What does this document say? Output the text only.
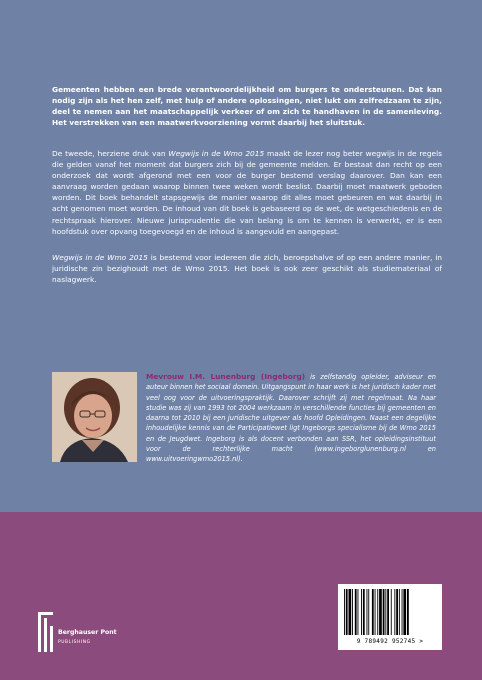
Gemeenten hebben een brede verantwoordelijkheid om burgers te ondersteunen. Dat kan nodig zijn als het hen zelf, met hulp of andere oplossingen, niet lukt om zelfredzaam te zijn, deel te nemen aan het maatschappelijk verkeer of om zich te handhaven in de samenleving. Het verstrekken van een maatwerkvoorziening vormt daarbij het sluitstuk.

De tweede, herziene druk van Wegwijs in de Wmo 2015 maakt de lezer nog beter wegwijs in de regels die gelden vanaf het moment dat burgers zich bij de gemeente melden. Er bestaat dan recht op een onderzoek dat wordt afgerond met een voor de burger bestemd verslag daarover. Dan kan een aanvraag worden gedaan waarop binnen twee weken wordt beslist. Daarbij moet maatwerk geboden worden. Dit boek behandelt stapsgewijs de manier waarop dit alles moet gebeuren en wat daarbij in acht genomen moet worden. De inhoud van dit boek is gebaseerd op de wet, de wetgeschiedenis en de rechtspraak hierover. Nieuwe jurisprudentie die van belang is om te kennen is verwerkt, er is een hoofdstuk over opvang toegevoegd en de inhoud is aangevuld en aangepast.

Wegwijs in de Wmo 2015 is bestemd voor iedereen die zich, beroepshalve of op een andere manier, in juridische zin bezighoudt met de Wmo 2015. Het boek is ook zeer geschikt als studiemateriaal of naslagwerk.

Mevrouw I.M. Lunenburg (Ingeborg) is zelfstandig opleider, adviseur en auteur binnen het sociaal domein. Uitgangspunt in haar werk is het juridisch kader met veel oog voor de uitvoeringspraktijk. Daarover schrijft zij met regelmaat. Na haar studie was zij van 1993 tot 2004 werkzaam in verschillende functies bij gemeenten en daarna tot 2010 bij een juridische uitgever als hoofd Opleidingen. Naast een degelijke inhoudelijke kennis van de Participatiewet ligt Ingeborgs specialisme bij de Wmo 2015 en de Jeugdwet. Ingeborg is als docent verbonden aan SSR, het opleidingsinstituut voor de rechterlijke macht (www.ingeborglunenburg.nl en www.uitvoeringwmo2015.nl).

Berghauser Pont
PUBLISHING	9 789492 952745 >
